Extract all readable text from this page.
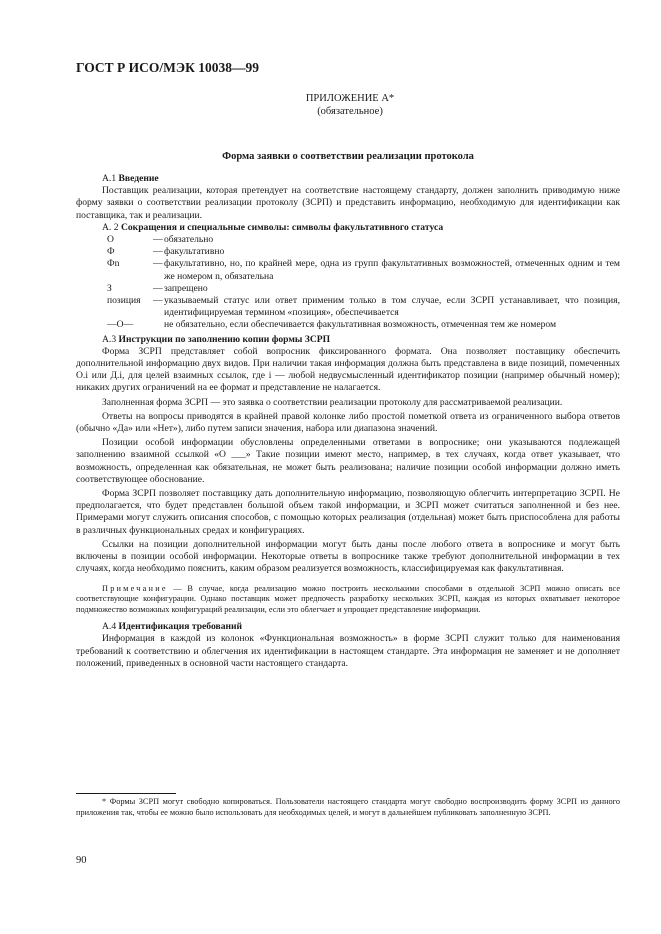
ГОСТ Р ИСО/МЭК 10038—99
ПРИЛОЖЕНИЕ А*
(обязательное)
Форма заявки о соответствии реализации протокола

А.1 Введение

Поставщик реализации, которая претендует на соответствие настоящему стандарту, должен заполнить приводимую ниже форму заявки о соответствии реализации протоколу (ЗСРП) и представить информацию, необходимую для идентификации как поставщика, так и реализации.

А. 2 Сокращения и специальные символы: символы факультативного статуса

О	— обязательно

Ф	— факультативно

Фn	— факультативно, но, по крайней мере, одна из групп факультативных возможностей, отмеченных одним и тем же номером n, обязательна

З	— запрещено

позиция	— указываемый статус или ответ применим только в том случае, если ЗСРП устанавливает, что позиция, идентифицируемая термином «позиция», обеспечивается

—О—	не обязательно, если обеспечивается факультативная возможность, отмеченная тем же номером

А.3 Инструкции по заполнению копии формы ЗСРП

Форма ЗСРП представляет собой вопросник фиксированного формата. Она позволяет поставщику обеспечить дополнительной информацию двух видов. При наличии такая информация должна быть представлена в виде позиций, помеченных О.i или Д.i, для целей взаимных ссылок, где i — любой недвусмысленный идентификатор позиции (например обычный номер); никаких других ограничений на ее формат и представление не налагается.

Заполненная форма ЗСРП — это заявка о соответствии реализации протоколу для рассматриваемой реализации.

Ответы на вопросы приводятся в крайней правой колонке либо простой пометкой ответа из ограниченного выбора ответов (обычно «Да» или «Нет»), либо путем записи значения, набора или диапазона значений.

Позиции особой информации обусловлены определенными ответами в вопроснике; они указываются подлежащей заполнению взаимной ссылкой «О ___» Такие позиции имеют место, например, в тех случаях, когда ответ указывает, что возможность, определенная как обязательная, не может быть реализована; наличие позиции особой информации должно иметь соответствующее обоснование.

Форма ЗСРП позволяет поставщику дать дополнительную информацию, позволяющую облегчить интерпретацию ЗСРП. Не предполагается, что будет представлен большой объем такой информации, и ЗСРП может считаться заполненной и без нее. Примерами могут служить описания способов, с помощью которых реализация (отдельная) может быть приспособлена для работы в различных функциональных средах и конфигурациях.

Ссылки на позиции дополнительной информации могут быть даны после любого ответа в вопроснике и могут быть включены в позиции особой информации. Некоторые ответы в вопроснике также требуют дополнительной информации в тех случаях, когда необходимо пояснить, каким образом реализуется возможность, классифицируемая как факультативная.

Примечание — В случае, когда реализацию можно построить несколькими способами в отдельной ЗСРП можно описать все соответствующие конфигурации. Однако поставщик может предпочесть разработку нескольких ЗСРП, каждая из которых охватывает некоторое подмножество возможных конфигураций реализации, если это облегчает и упрощает представление информации.

А.4 Идентификация требований

Информация в каждой из колонок «Функциональная возможность» в форме ЗСРП служит только для наименования требований к соответствию и облегчения их идентификации в настоящем стандарте. Эта информация не заменяет и не дополняет положений, приведенных в основной части настоящего стандарта.

* Формы ЗСРП могут свободно копироваться. Пользователи настоящего стандарта могут свободно воспроизводить форму ЗСРП из данного приложения так, чтобы ее можно было использовать для необходимых целей, и могут в дальнейшем публиковать заполненную ЗСРП.
90
